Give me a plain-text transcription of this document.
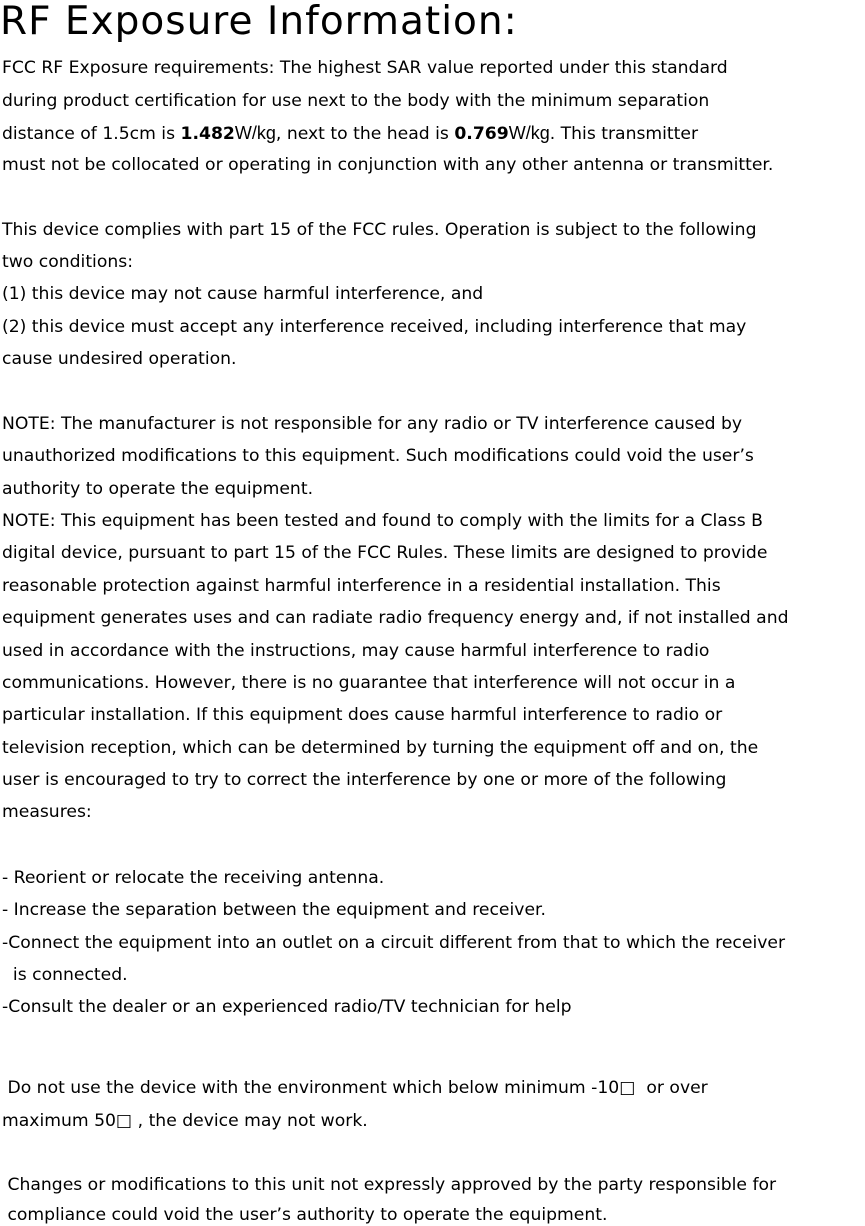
RF Exposure Information:
FCC RF Exposure requirements: The highest SAR value reported under this standard
during product certification for use next to the body with the minimum separation
distance of 1.5cm is 1.482W/kg, next to the head is 0.769W/kg. This transmitter
must not be collocated or operating in conjunction with any other antenna or transmitter.
This device complies with part 15 of the FCC rules. Operation is subject to the following
two conditions:
(1) this device may not cause harmful interference, and
(2) this device must accept any interference received, including interference that may
cause undesired operation.
NOTE: The manufacturer is not responsible for any radio or TV interference caused by
unauthorized modifications to this equipment. Such modifications could void the user’s
authority to operate the equipment.
NOTE: This equipment has been tested and found to comply with the limits for a Class B
digital device, pursuant to part 15 of the FCC Rules. These limits are designed to provide
reasonable protection against harmful interference in a residential installation. This
equipment generates uses and can radiate radio frequency energy and, if not installed and
used in accordance with the instructions, may cause harmful interference to radio
communications. However, there is no guarantee that interference will not occur in a
particular installation. If this equipment does cause harmful interference to radio or
television reception, which can be determined by turning the equipment off and on, the
user is encouraged to try to correct the interference by one or more of the following
measures:
- Reorient or relocate the receiving antenna.
- Increase the separation between the equipment and receiver.
-Connect the equipment into an outlet on a circuit different from that to which the receiver
is connected.
-Consult the dealer or an experienced radio/TV technician for help
Do not use the device with the environment which below minimum -10□  or over
maximum 50□ , the device may not work.
Changes or modifications to this unit not expressly approved by the party responsible for
compliance could void the user’s authority to operate the equipment.
